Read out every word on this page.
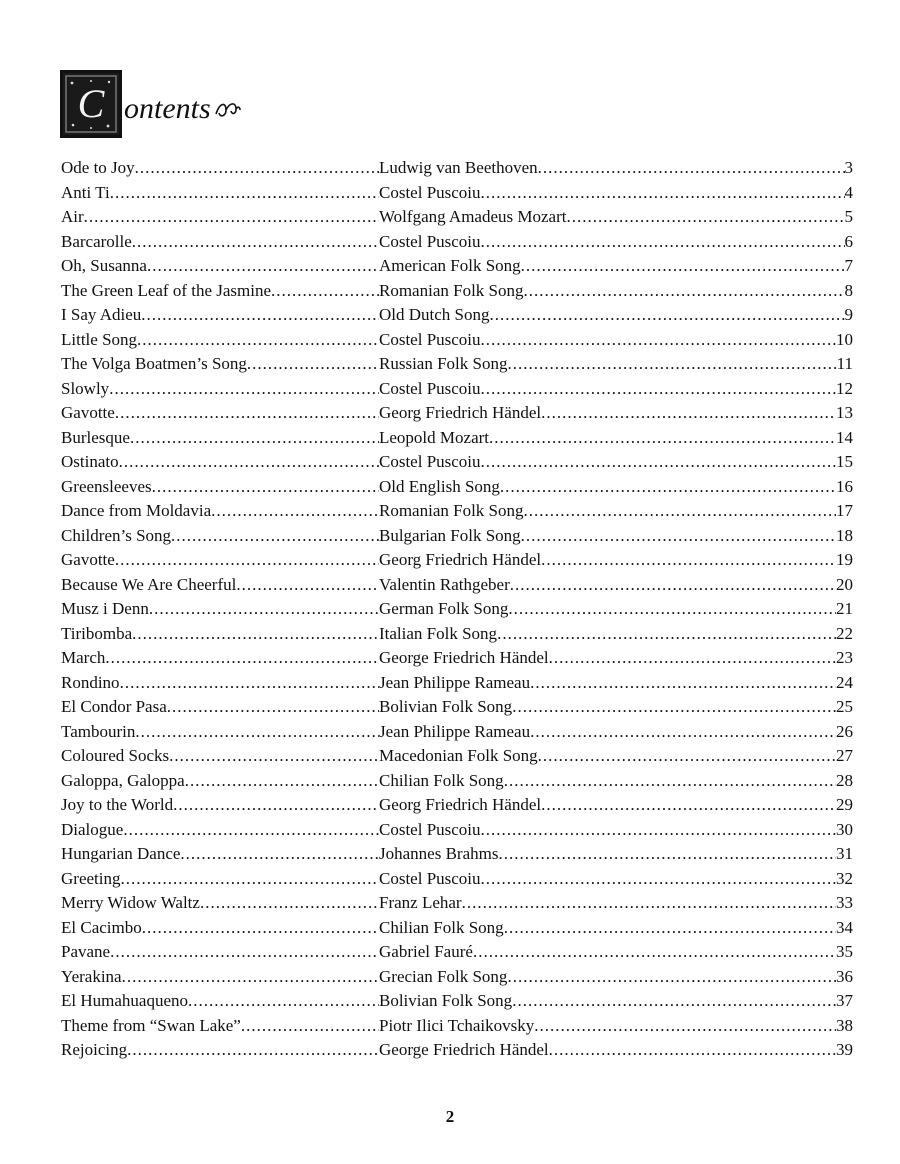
C ontents
Ode to Joy .....	Ludwig van Beethoven .....	3
Anti Ti .....	Costel Puscoiu .....	4
Air .....	Wolfgang Amadeus Mozart .....	5
Barcarolle .....	Costel Puscoiu .....	6
Oh, Susanna .....	American Folk Song .....	7
The Green Leaf of the Jasmine .....	Romanian Folk Song .....	8
I Say Adieu .....	Old Dutch Song .....	9
Little Song .....	Costel Puscoiu .....	10
The Volga Boatmen’s Song .....	Russian Folk Song .....	11
Slowly .....	Costel Puscoiu .....	12
Gavotte .....	Georg Friedrich Händel .....	13
Burlesque .....	Leopold Mozart .....	14
Ostinato .....	Costel Puscoiu .....	15
Greensleeves .....	Old English Song .....	16
Dance from Moldavia .....	Romanian Folk Song .....	17
Children’s Song .....	Bulgarian Folk Song .....	18
Gavotte .....	Georg Friedrich Händel .....	19
Because We Are Cheerful .....	Valentin Rathgeber .....	20
Musz i Denn .....	German Folk Song .....	21
Tiribomba .....	Italian Folk Song .....	22
March .....	George Friedrich Händel .....	23
Rondino .....	Jean Philippe Rameau .....	24
El Condor Pasa .....	Bolivian Folk Song .....	25
Tambourin .....	Jean Philippe Rameau .....	26
Coloured Socks .....	Macedonian Folk Song .....	27
Galoppa, Galoppa .....	Chilian Folk Song .....	28
Joy to the World .....	Georg Friedrich Händel .....	29
Dialogue .....	Costel Puscoiu .....	30
Hungarian Dance .....	Johannes Brahms .....	31
Greeting .....	Costel Puscoiu .....	32
Merry Widow Waltz .....	Franz Lehar .....	33
El Cacimbo .....	Chilian Folk Song .....	34
Pavane .....	Gabriel Fauré .....	35
Yerakina .....	Grecian Folk Song .....	36
El Humahuaqueno .....	Bolivian Folk Song .....	37
Theme from “Swan Lake” .....	Piotr Ilici Tchaikovsky .....	38
Rejoicing .....	George Friedrich Händel .....	39
2
